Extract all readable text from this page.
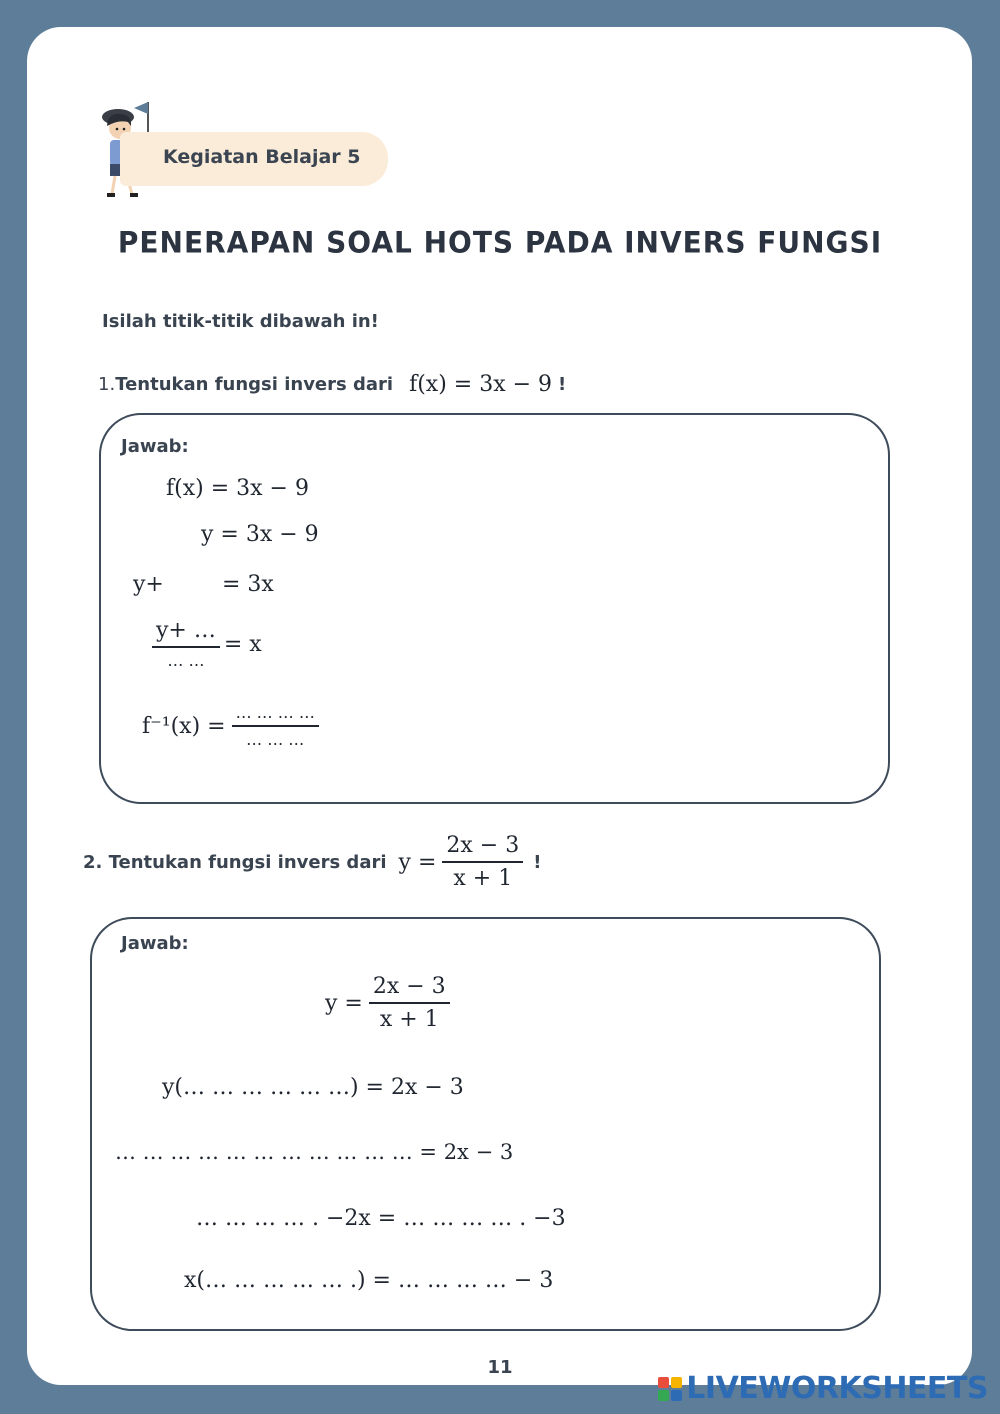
Kegiatan Belajar 5
PENERAPAN SOAL HOTS PADA INVERS FUNGSI
Isilah titik-titik dibawah in!
1. Tentukan fungsi invers dari f(x) = 3x − 9 !
Jawab:
f(x) = 3x − 9
y = 3x − 9
y+	= 3x
$\frac{y+ \dots}{\dots \dots} = x$
$f^{-1}(x) = \frac{\dots \dots \dots \dots}{\dots \dots \dots}$
2. Tentukan fungsi invers dari $y = \frac{2x - 3}{x + 1}$ !
Jawab:
$y = \frac{2x - 3}{x + 1}$
y(… … … … … …) = 2x − 3
… … … … … … … … … … … = 2x − 3
… … … … . −2x = … … … … . −3
x(… … … … … .) = … … … … − 3
11
LIVEWORKSHEETS
